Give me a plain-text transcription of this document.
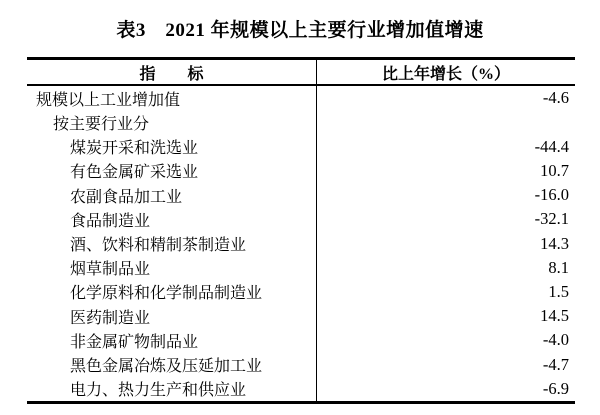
表3　2021 年规模以上主要行业增加值增速
指　　标	比上年增长（%）
规模以上工业增加值	-4.6
按主要行业分
煤炭开采和洗选业	-44.4
有色金属矿采选业	10.7
农副食品加工业	-16.0
食品制造业	-32.1
酒、饮料和精制茶制造业	14.3
烟草制品业	8.1
化学原料和化学制品制造业	1.5
医药制造业	14.5
非金属矿物制品业	-4.0
黑色金属冶炼及压延加工业	-4.7
电力、热力生产和供应业	-6.9
